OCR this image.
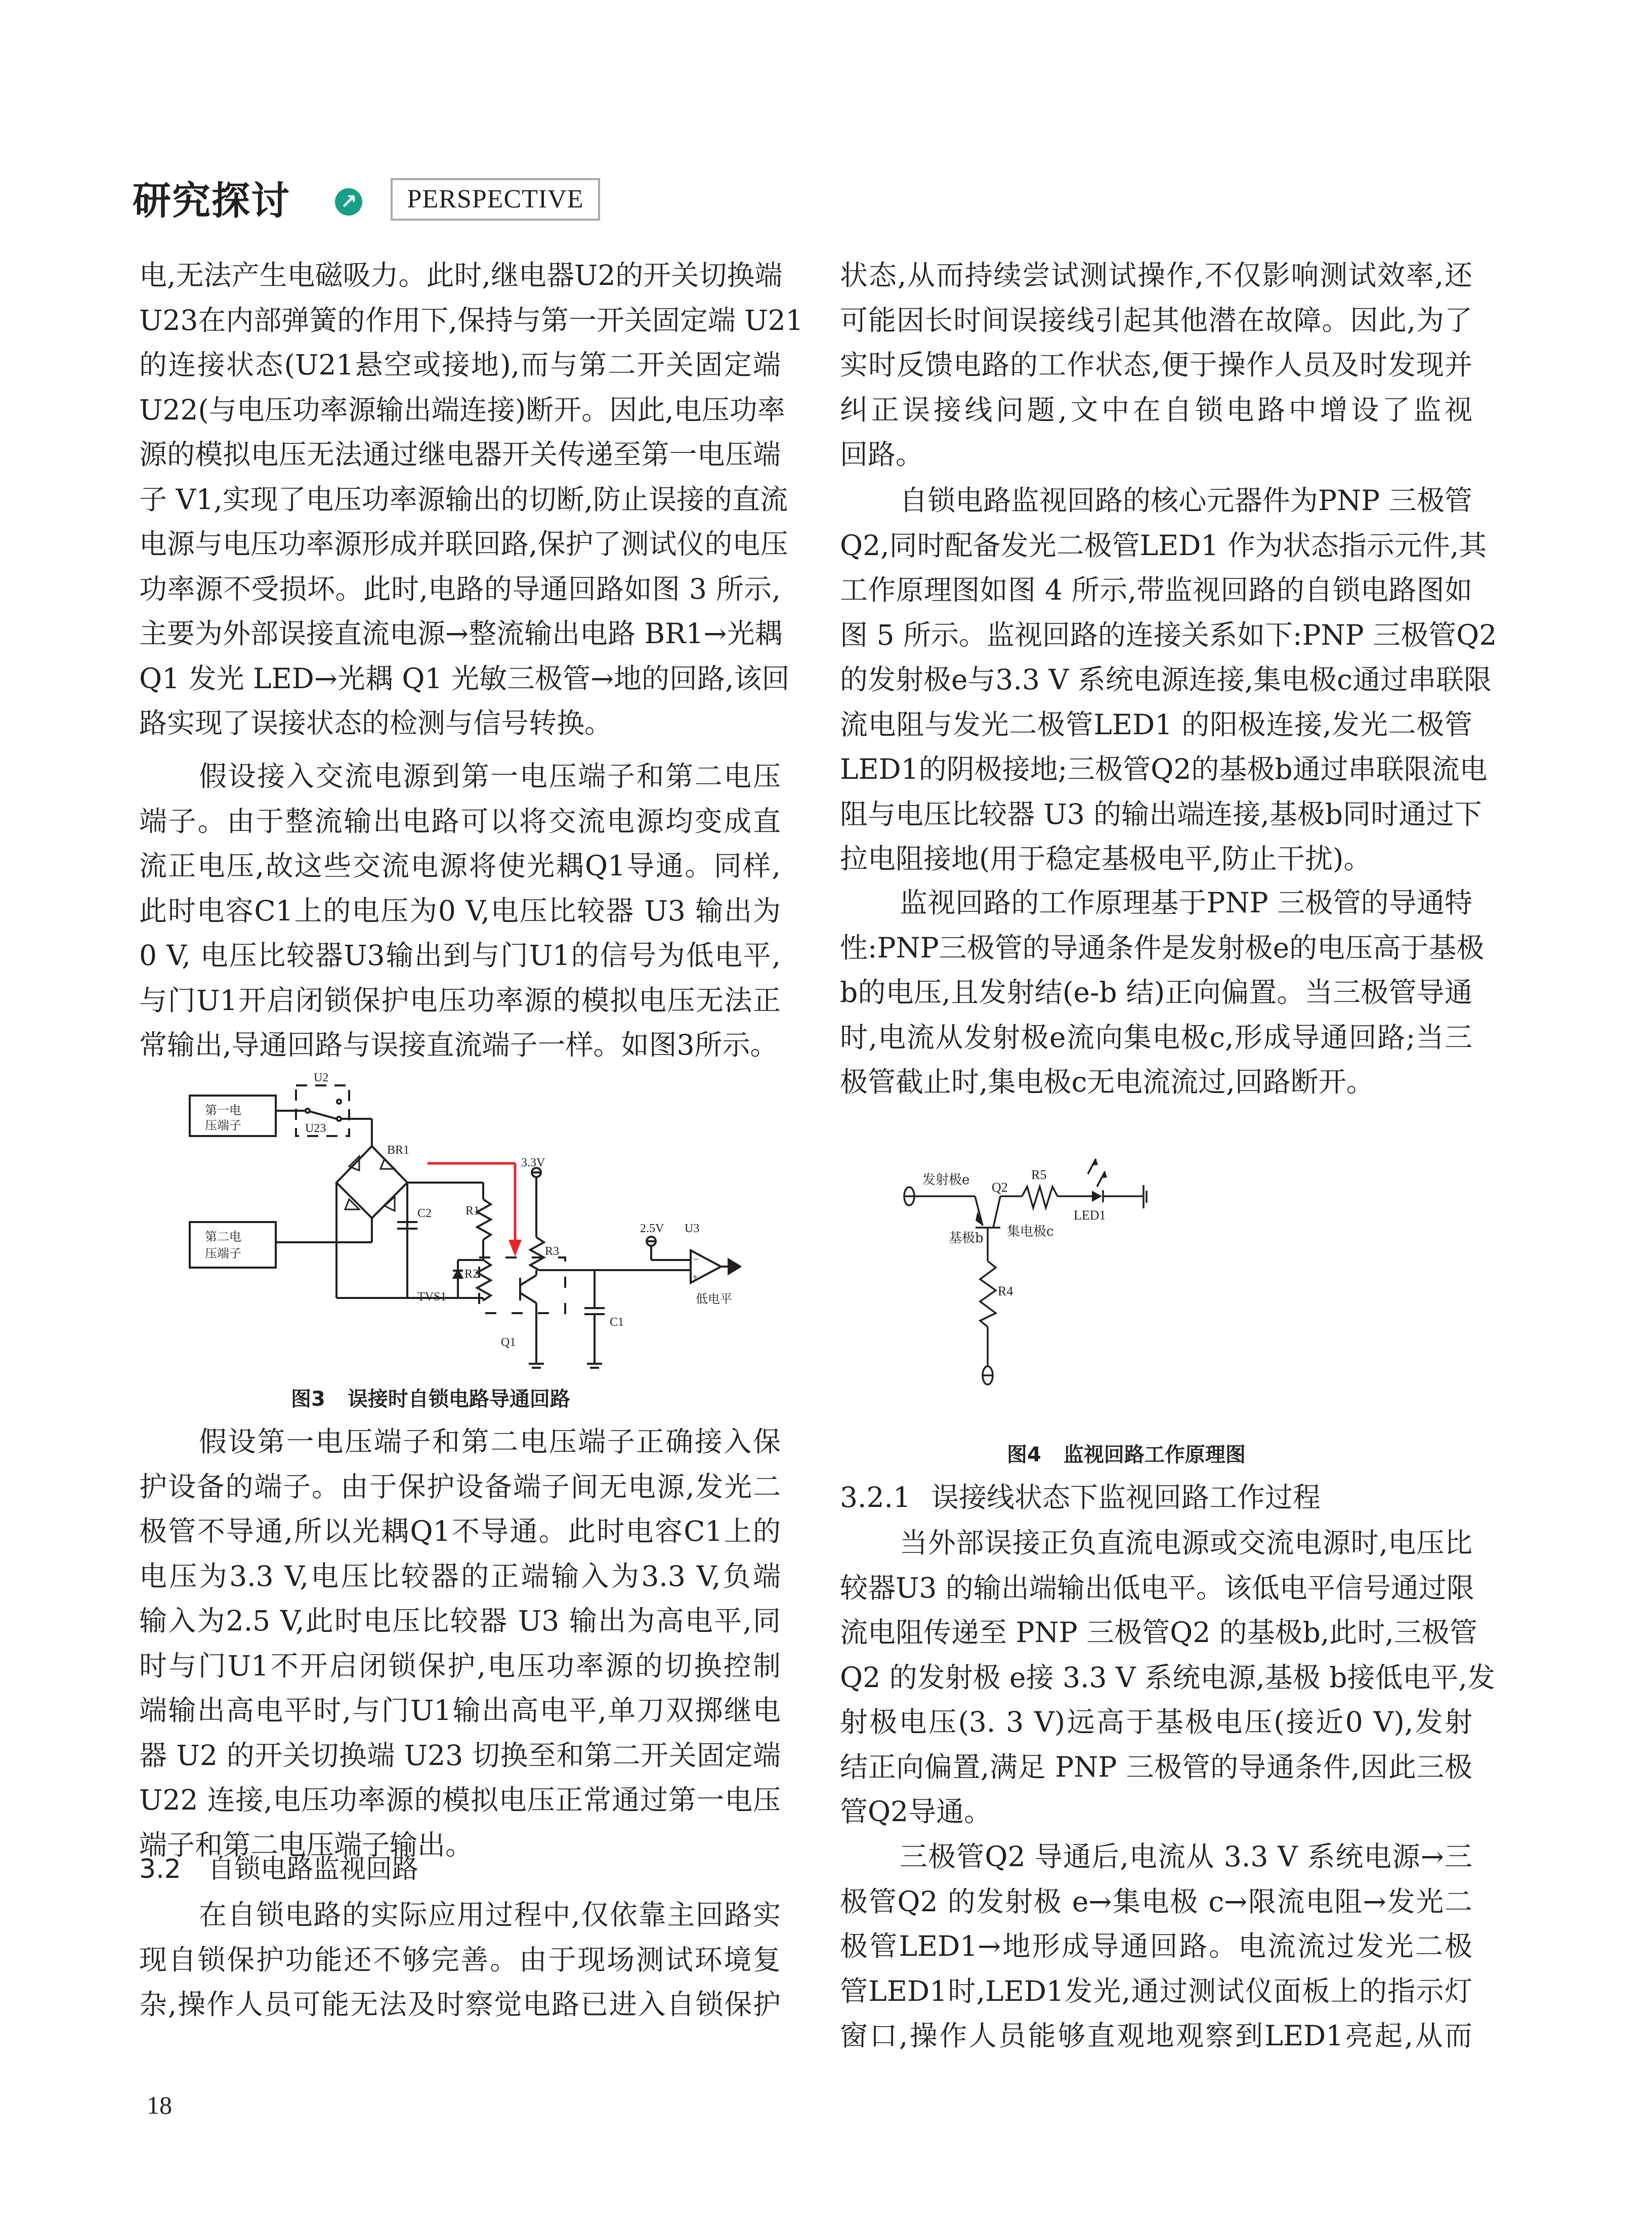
研究探讨 ↗	PERSPECTIVE
电,无法产生电磁吸力。此时,继电器U2的开关切换端
U23在内部弹簧的作用下,保持与第一开关固定端 U21
的连接状态(U21悬空或接地),而与第二开关固定端
U22(与电压功率源输出端连接)断开。因此,电压功率
源的模拟电压无法通过继电器开关传递至第一电压端
子 V1,实现了电压功率源输出的切断,防止误接的直流
电源与电压功率源形成并联回路,保护了测试仪的电压
功率源不受损坏。此时,电路的导通回路如图 3 所示,
主要为外部误接直流电源→整流输出电路 BR1→光耦
Q1 发光 LED→光耦 Q1 光敏三极管→地的回路,该回
路实现了误接状态的检测与信号转换。
假设接入交流电源到第一电压端子和第二电压
端子。由于整流输出电路可以将交流电源均变成直
流正电压,故这些交流电源将使光耦Q1导通。同样,
此时电容C1上的电压为0 V,电压比较器 U3 输出为
0 V, 电压比较器U3输出到与门U1的信号为低电平,
与门U1开启闭锁保护电压功率源的模拟电压无法正
常输出,导通回路与误接直流端子一样。如图3所示。
第一电
压端子
第二电
压端子
U2
U23
BR1
3.3V
C2	R1
R2
R3
TVS1
Q1
C1
2.5V U3
−
+
低电平
图3 误接时自锁电路导通回路
假设第一电压端子和第二电压端子正确接入保
护设备的端子。由于保护设备端子间无电源,发光二
极管不导通,所以光耦Q1不导通。此时电容C1上的
电压为3.3 V,电压比较器的正端输入为3.3 V,负端
输入为2.5 V,此时电压比较器 U3 输出为高电平,同
时与门U1不开启闭锁保护,电压功率源的切换控制
端输出高电平时,与门U1输出高电平,单刀双掷继电
器 U2 的开关切换端 U23 切换至和第二开关固定端
U22 连接,电压功率源的模拟电压正常通过第一电压
端子和第二电压端子输出。
3.2 自锁电路监视回路
在自锁电路的实际应用过程中,仅依靠主回路实
现自锁保护功能还不够完善。由于现场测试环境复
杂,操作人员可能无法及时察觉电路已进入自锁保护
18
状态,从而持续尝试测试操作,不仅影响测试效率,还
可能因长时间误接线引起其他潜在故障。因此,为了
实时反馈电路的工作状态,便于操作人员及时发现并
纠正误接线问题,文中在自锁电路中增设了监视
回路。
自锁电路监视回路的核心元器件为PNP 三极管
Q2,同时配备发光二极管LED1 作为状态指示元件,其
工作原理图如图 4 所示,带监视回路的自锁电路图如
图 5 所示。监视回路的连接关系如下:PNP 三极管Q2
的发射极e与3.3 V 系统电源连接,集电极c通过串联限
流电阻与发光二极管LED1 的阳极连接,发光二极管
LED1的阴极接地;三极管Q2的基极b通过串联限流电
阻与电压比较器 U3 的输出端连接,基极b同时通过下
拉电阻接地(用于稳定基极电平,防止干扰)。
监视回路的工作原理基于PNP 三极管的导通特
性:PNP三极管的导通条件是发射极e的电压高于基极
b的电压,且发射结(e-b 结)正向偏置。当三极管导通
时,电流从发射极e流向集电极c,形成导通回路;当三
极管截止时,集电极c无电流流过,回路断开。
发射极e Q2
R5
LED1
基极b 集电极c
R4
图4 监视回路工作原理图
3.2.1 误接线状态下监视回路工作过程
当外部误接正负直流电源或交流电源时,电压比
较器U3 的输出端输出低电平。该低电平信号通过限
流电阻传递至 PNP 三极管Q2 的基极b,此时,三极管
Q2 的发射极 e接 3.3 V 系统电源,基极 b接低电平,发
射极电压(3. 3 V)远高于基极电压(接近0 V),发射
结正向偏置,满足 PNP 三极管的导通条件,因此三极
管Q2导通。
三极管Q2 导通后,电流从 3.3 V 系统电源→三
极管Q2 的发射极 e→集电极 c→限流电阻→发光二
极管LED1→地形成导通回路。电流流过发光二极
管LED1时,LED1发光,通过测试仪面板上的指示灯
窗口,操作人员能够直观地观察到LED1亮起,从而
